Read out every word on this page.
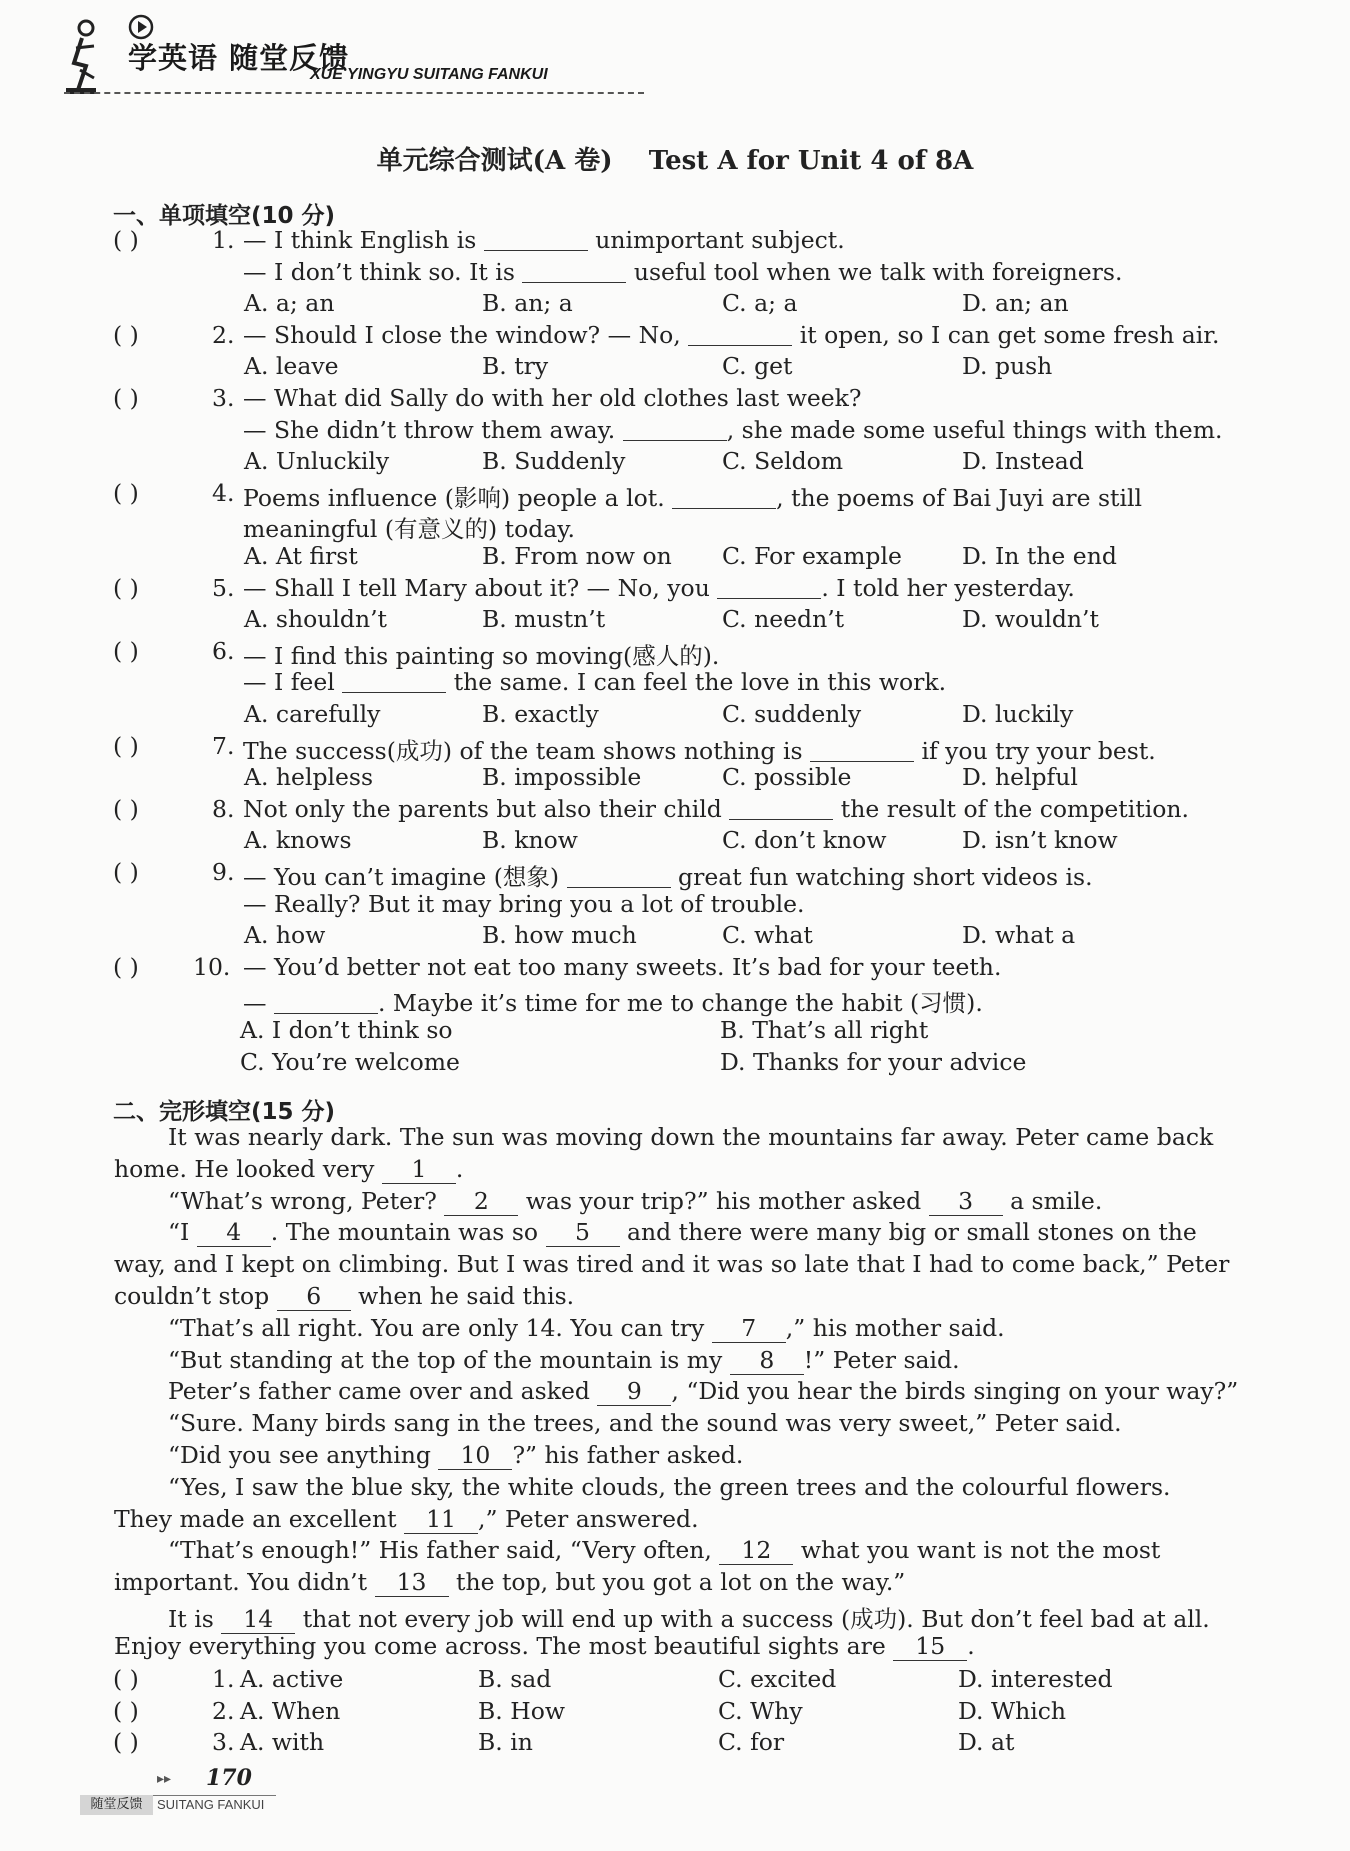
学英语 随堂反馈
XUE YINGYU SUITANG FANKUI
单元综合测试(A 卷)    Test A for Unit 4 of 8A
一、单项填空(10 分)
( )	1. — I think English is	unimportant subject.
— I don’t think so. It is	useful tool when we talk with foreigners.
A. a; an	B. an; a	C. a; a	D. an; an
( )	2. — Should I close the window? — No,	it open, so I can get some fresh air.
A. leave	B. try	C. get	D. push
( )	3. — What did Sally do with her old clothes last week?
— She didn’t throw them away.	, she made some useful things with them.
A. Unluckily	B. Suddenly	C. Seldom	D. Instead
( )	4. Poems influence (影响) people a lot.	, the poems of Bai Juyi are still
meaningful (有意义的) today.
A. At first	B. From now on C. For example	D. In the end
( )	5. — Shall I tell Mary about it? — No, you	. I told her yesterday.
A. shouldn’t	B. mustn’t	C. needn’t	D. wouldn’t
( )	6. — I find this painting so moving(感人的).
— I feel	the same. I can feel the love in this work.
A. carefully	B. exactly	C. suddenly	D. luckily
( )	7. The success(成功) of the team shows nothing is	if you try your best.
A. helpless	B. impossible	C. possible	D. helpful
( )	8. Not only the parents but also their child	the result of the competition.
A. knows	B. know	C. don’t know	D. isn’t know
( )	9. — You can’t imagine (想象)	great fun watching short videos is.
— Really? But it may bring you a lot of trouble.
A. how	B. how much	C. what	D. what a
( ) 10. — You’d better not eat too many sweets. It’s bad for your teeth.
—	. Maybe it’s time for me to change the habit (习惯).
A. I don’t think so	B. That’s all right
C. You’re welcome	D. Thanks for your advice
二、完形填空(15 分)
It was nearly dark. The sun was moving down the mountains far away. Peter came back
home. He looked very 1 .
“What’s wrong, Peter? 2 was your trip?” his mother asked 3 a smile.
“I 4 . The mountain was so 5 and there were many big or small stones on the
way, and I kept on climbing. But I was tired and it was so late that I had to come back,” Peter
couldn’t stop 6 when he said this.
“That’s all right. You are only 14. You can try 7 ,” his mother said.
“But standing at the top of the mountain is my 8 !” Peter said.
Peter’s father came over and asked 9 , “Did you hear the birds singing on your way?”
“Sure. Many birds sang in the trees, and the sound was very sweet,” Peter said.
“Did you see anything 10 ?” his father asked.
“Yes, I saw the blue sky, the white clouds, the green trees and the colourful flowers.
They made an excellent 11 ,” Peter answered.
“That’s enough!” His father said, “Very often, 12 what you want is not the most
important. You didn’t 13 the top, but you got a lot on the way.”
It is 14 that not every job will end up with a success (成功). But don’t feel bad at all.
Enjoy everything you come across. The most beautiful sights are 15 .
( )	1. A. active	B. sad	C. excited	D. interested
( )	2. A. When	B. How	C. Why	D. Which
( )	3. A. with	B. in	C. for	D. at
▸▸ 170
随堂反馈	SUITANG FANKUI
